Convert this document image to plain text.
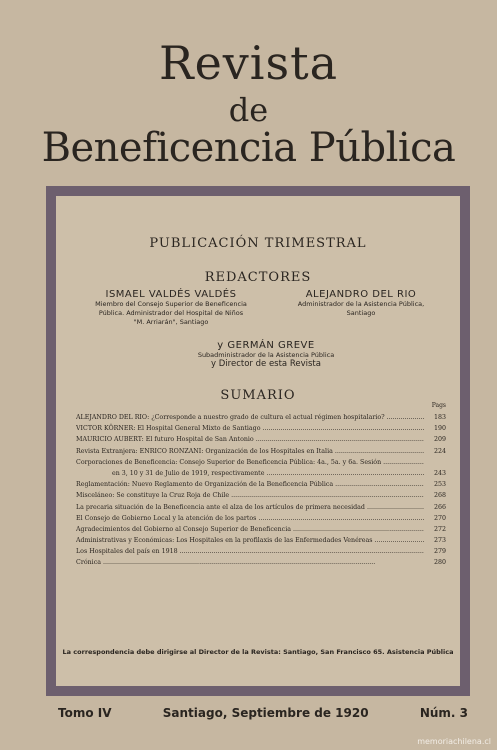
Revista
de
Beneficencia Pública
PUBLICACIÓN TRIMESTRAL
REDACTORES
ISMAEL VALDÉS VALDÉS
Miembro del Consejo Superior de Beneficencia
Pública. Administrador del Hospital de Niños
"M. Arriarán", Santiago
ALEJANDRO DEL RIO
Administrador de la Asistencia Pública,
Santiago
y GERMÁN GREVE
Subadministrador de la Asistencia Pública
y Director de esta Revista
SUMARIO
Pags
ALEJANDRO DEL RIO: ¿Corresponde a nuestro grado de cultura el actual régimen hospitalario? .....	183
VICTOR KÖRNER: El Hospital General Mixto de Santiago .....	190
MAURICIO AUBERT: El futuro Hospital de San Antonio .....	209
Revista Extranjera: ENRICO RONZANI: Organización de los Hospitales en Italia .....	224
Corporaciones de Beneficencia: Consejo Superior de Beneficencia Pública: 4a., 5a. y 6a. Sesión .....
en 3, 10 y 31 de Julio de 1919, respectivamente .....	243
Reglamentación: Nuevo Reglamento de Organización de la Beneficencia Pública .....	253
Misceláneo: Se constituye la Cruz Roja de Chile .....	268
La precaria situación de la Beneficencia ante el alza de los artículos de primera necesidad .....	266
El Consejo de Gobierno Local y la atención de los partos .....	270
Agradecimientos del Gobierno al Consejo Superior de Beneficencia .....	272
Administrativas y Económicas: Los Hospitales en la profilaxis de las Enfermedades Venéreas .....	273
Los Hospitales del país en 1918 .....	279
Crónica .....	280
La correspondencia debe dirigirse al Director de la Revista: Santiago, San Francisco 65. Asistencia Pública
Tomo IV	Santiago, Septiembre de 1920	Núm. 3
memoriachilena.cl
